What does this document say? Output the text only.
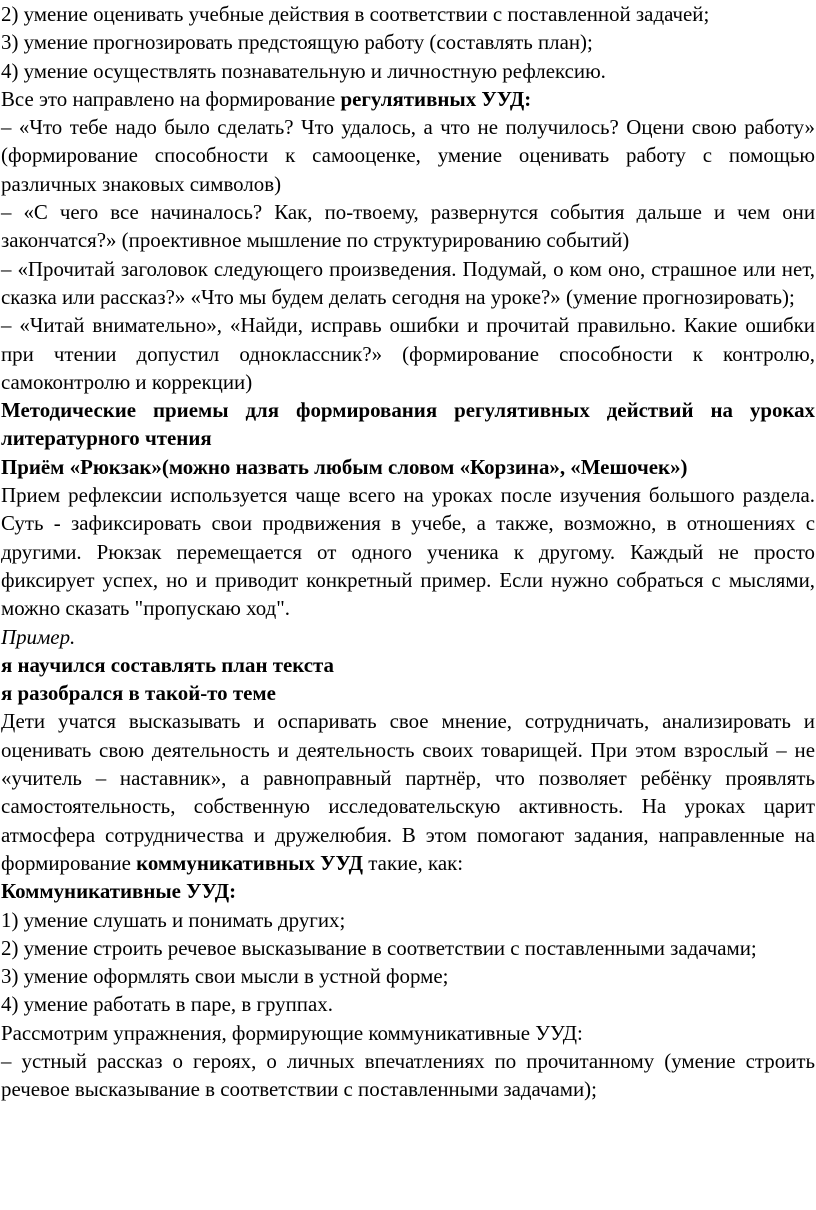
2) умение оценивать учебные действия в соответствии с поставленной задачей;

3) умение прогнозировать предстоящую работу (составлять план);

4) умение осуществлять познавательную и личностную рефлексию.

Все это направлено на формирование регулятивных УУД:

– «Что тебе надо было сделать? Что удалось, а что не получилось? Оцени свою работу» (формирование способности к самооценке, умение оценивать работу с помощью различных знаковых символов)

– «С чего все начиналось? Как, по-твоему, развернутся события дальше и чем они закончатся?» (проективное мышление по структурированию событий)

– «Прочитай заголовок следующего произведения. Подумай, о ком оно, страшное или нет, сказка или рассказ?» «Что мы будем делать сегодня на уроке?» (умение прогнозировать);

– «Читай внимательно», «Найди, исправь ошибки и прочитай правильно. Какие ошибки при чтении допустил одноклассник?» (формирование способности к контролю, самоконтролю и коррекции)

Методические приемы для формирования регулятивных действий на уроках литературного чтения

Приём «Рюкзак»(можно назвать любым словом «Корзина», «Мешочек»)

Прием рефлексии используется чаще всего на уроках после изучения большого раздела. Суть - зафиксировать свои продвижения в учебе, а также, возможно, в отношениях с другими. Рюкзак перемещается от одного ученика к другому. Каждый не просто фиксирует успех, но и приводит конкретный пример. Если нужно собраться с мыслями, можно сказать "пропускаю ход".

Пример.

я научился составлять план текста

я разобрался в такой-то теме

Дети учатся высказывать и оспаривать свое мнение, сотрудничать, анализировать и оценивать свою деятельность и деятельность своих товарищей. При этом взрослый – не «учитель – наставник», а равноправный партнёр, что позволяет ребёнку проявлять самостоятельность, собственную исследовательскую активность. На уроках царит атмосфера сотрудничества и дружелюбия. В этом помогают задания, направленные на формирование коммуникативных УУД такие, как:

Коммуникативные УУД:

1) умение слушать и понимать других;

2) умение строить речевое высказывание в соответствии с поставленными задачами;

3) умение оформлять свои мысли в устной форме;

4) умение работать в паре, в группах.

Рассмотрим упражнения, формирующие коммуникативные УУД:

– устный рассказ о героях, о личных впечатлениях по прочитанному (умение строить речевое высказывание в соответствии с поставленными задачами);
